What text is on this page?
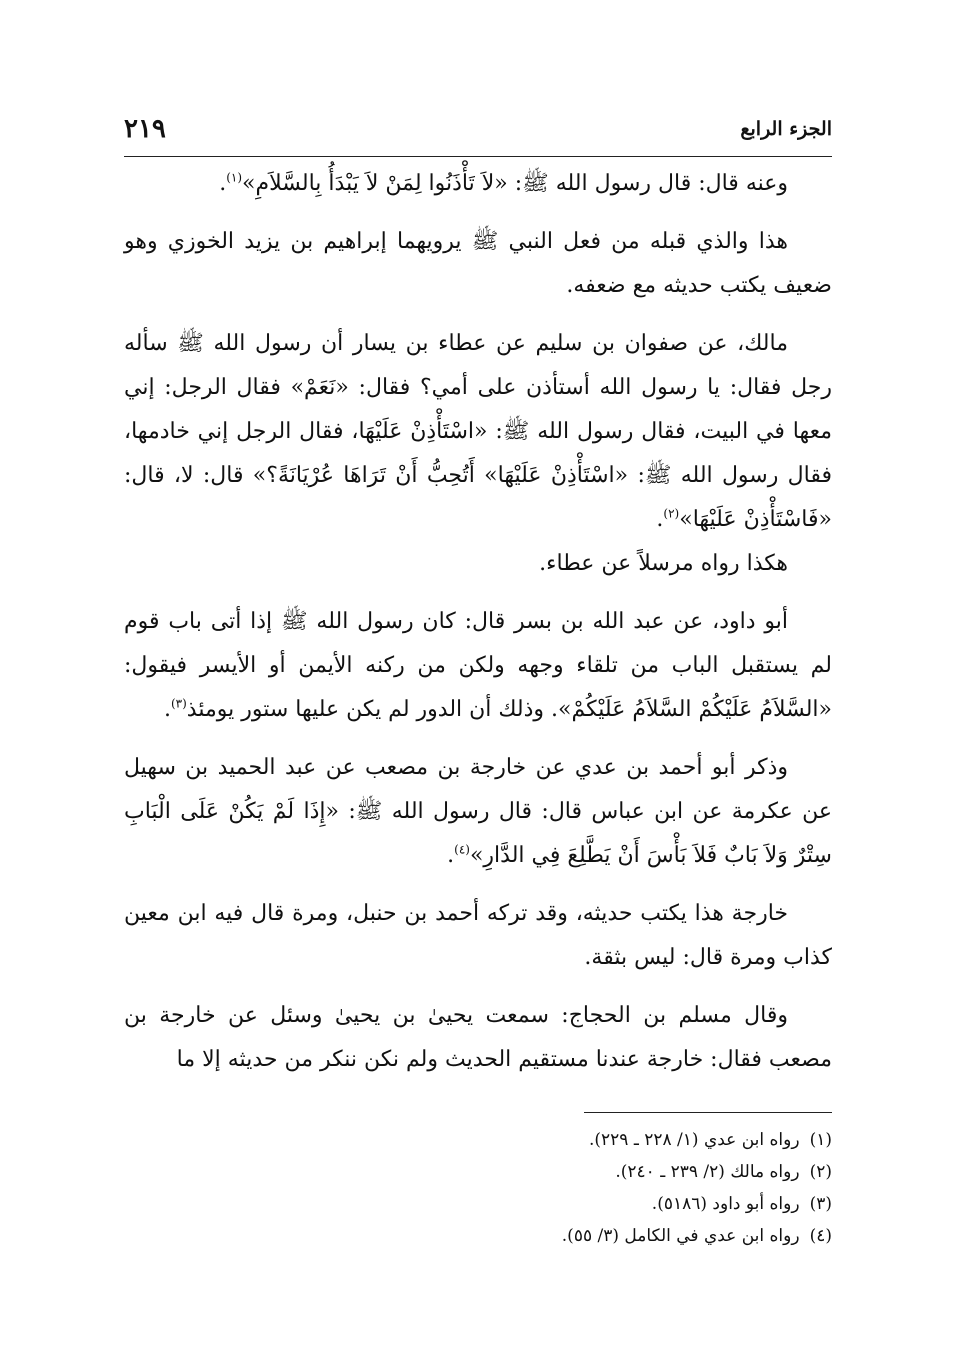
الجزء الرابع
٢١٩

وعنه قال: قال رسول الله ﷺ: «لاَ تَأْذَنُوا لِمَنْ لاَ يَبْدَأُ بِالسَّلاَمِ»$^{(١)}$.

هذا والذي قبله من فعل النبي ﷺ يرويهما إبراهيم بن يزيد الخوزي وهو ضعيف يكتب حديثه مع ضعفه.

مالك، عن صفوان بن سليم عن عطاء بن يسار أن رسول الله ﷺ سأله رجل فقال: يا رسول الله أستأذن على أمي؟ فقال: «نَعَمْ» فقال الرجل: إني معها في البيت، فقال رسول الله ﷺ: «اسْتَأْذِنْ عَلَيْهَا، فقال الرجل إني خادمها، فقال رسول الله ﷺ: «اسْتَأْذِنْ عَلَيْهَا» أَتُحِبُّ أَنْ تَرَاهَا عُرْيَانَةً؟» قال: لا، قال: «فَاسْتَأْذِنْ عَلَيْهَا»$^{(٢)}$.

هكذا رواه مرسلاً عن عطاء.

أبو داود، عن عبد الله بن بسر قال: كان رسول الله ﷺ إذا أتى باب قوم لم يستقبل الباب من تلقاء وجهه ولكن من ركنه الأيمن أو الأيسر فيقول: «السَّلاَمُ عَلَيْكُمْ السَّلاَمُ عَلَيْكُمْ». وذلك أن الدور لم يكن عليها ستور يومئذ$^{(٣)}$.

وذكر أبو أحمد بن عدي عن خارجة بن مصعب عن عبد الحميد بن سهيل عن عكرمة عن ابن عباس قال: قال رسول الله ﷺ: «إِذَا لَمْ يَكُنْ عَلَى الْبَابِ سِتْرٌ وَلاَ بَابٌ فَلاَ بَأْسَ أَنْ يَطَّلِعَ فِي الدَّارِ»$^{(٤)}$.

خارجة هذا يكتب حديثه، وقد تركه أحمد بن حنبل، ومرة قال فيه ابن معين كذاب ومرة قال: ليس بثقة.

وقال مسلم بن الحجاج: سمعت يحيىٰ بن يحيىٰ وسئل عن خارجة بن مصعب فقال: خارجة عندنا مستقيم الحديث ولم نكن ننكر من حديثه إلا ما

(١)رواه ابن عدي (١/ ٢٢٨ ـ ٢٢٩).

(٢)رواه مالك (٢/ ٢٣٩ ـ ٢٤٠).

(٣)رواه أبو داود (٥١٨٦).

(٤)رواه ابن عدي في الكامل (٣/ ٥٥).
